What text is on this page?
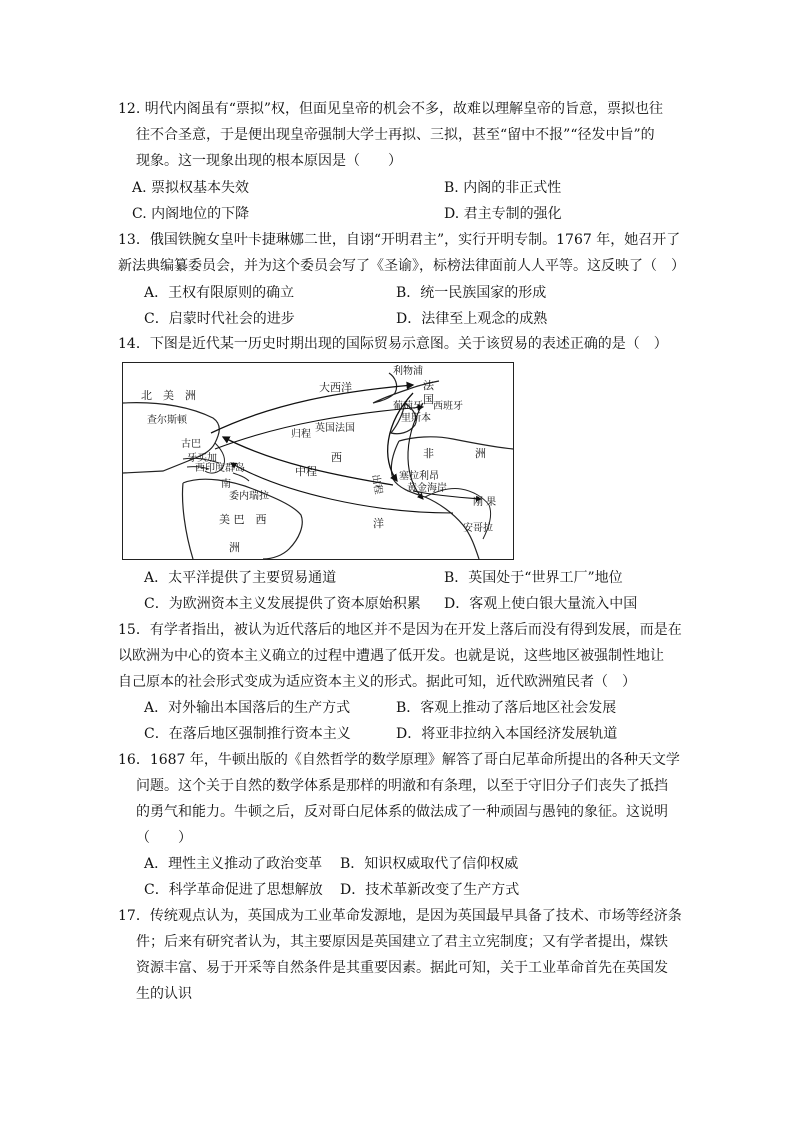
12. 明代内阁虽有“票拟”权，但面见皇帝的机会不多，故难以理解皇帝的旨意，票拟也往
往不合圣意，于是便出现皇帝强制大学士再拟、三拟，甚至“留中不报”“径发中旨”的
现象。这一现象出现的根本原因是（　　）
A. 票拟权基本失效	B. 内阁的非正式性
C. 内阁地位的下降	D. 君主专制的强化
13．俄国铁腕女皇叶卡捷琳娜二世，自诩“开明君主”，实行开明专制。1767 年，她召开了
新法典编纂委员会，并为这个委员会写了《圣谕》，标榜法律面前人人平等。这反映了（　）
A．王权有限原则的确立	B．统一民族国家的形成
C．启蒙时代社会的进步	D．法律至上观念的成熟
14．下图是近代某一历史时期出现的国际贸易示意图。关于该贸易的表述正确的是（　）
北　美　洲
大西洋
利物浦
法
国
葡萄牙 西班牙
里斯本
查尔斯顿
归程
英国法国
古巴
牙买加
西印度群岛	中程
西	非	洲
出程 塞拉利昂
黄金海岸
刚 果
安哥拉
南
委内瑞拉
美 巴　西	洋
洲
A．太平洋提供了主要贸易通道	B．英国处于“世界工厂”地位
C．为欧洲资本主义发展提供了资本原始积累 D．客观上使白银大量流入中国
15．有学者指出，被认为近代落后的地区并不是因为在开发上落后而没有得到发展，而是在
以欧洲为中心的资本主义确立的过程中遭遇了低开发。也就是说，这些地区被强制性地让
自己原本的社会形式变成为适应资本主义的形式。据此可知，近代欧洲殖民者（　）
A．对外输出本国落后的生产方式	B．客观上推动了落后地区社会发展
C．在落后地区强制推行资本主义	D．将亚非拉纳入本国经济发展轨道
16．1687 年，牛顿出版的《自然哲学的数学原理》解答了哥白尼革命所提出的各种天文学
问题。这个关于自然的数学体系是那样的明澈和有条理，以至于守旧分子们丧失了抵挡
的勇气和能力。牛顿之后，反对哥白尼体系的做法成了一种顽固与愚钝的象征。这说明
（　　）
A．理性主义推动了政治变革 B．知识权威取代了信仰权威
C．科学革命促进了思想解放 D．技术革新改变了生产方式
17．传统观点认为，英国成为工业革命发源地，是因为英国最早具备了技术、市场等经济条
件；后来有研究者认为，其主要原因是英国建立了君主立宪制度；又有学者提出，煤铁
资源丰富、易于开采等自然条件是其重要因素。据此可知，关于工业革命首先在英国发
生的认识
